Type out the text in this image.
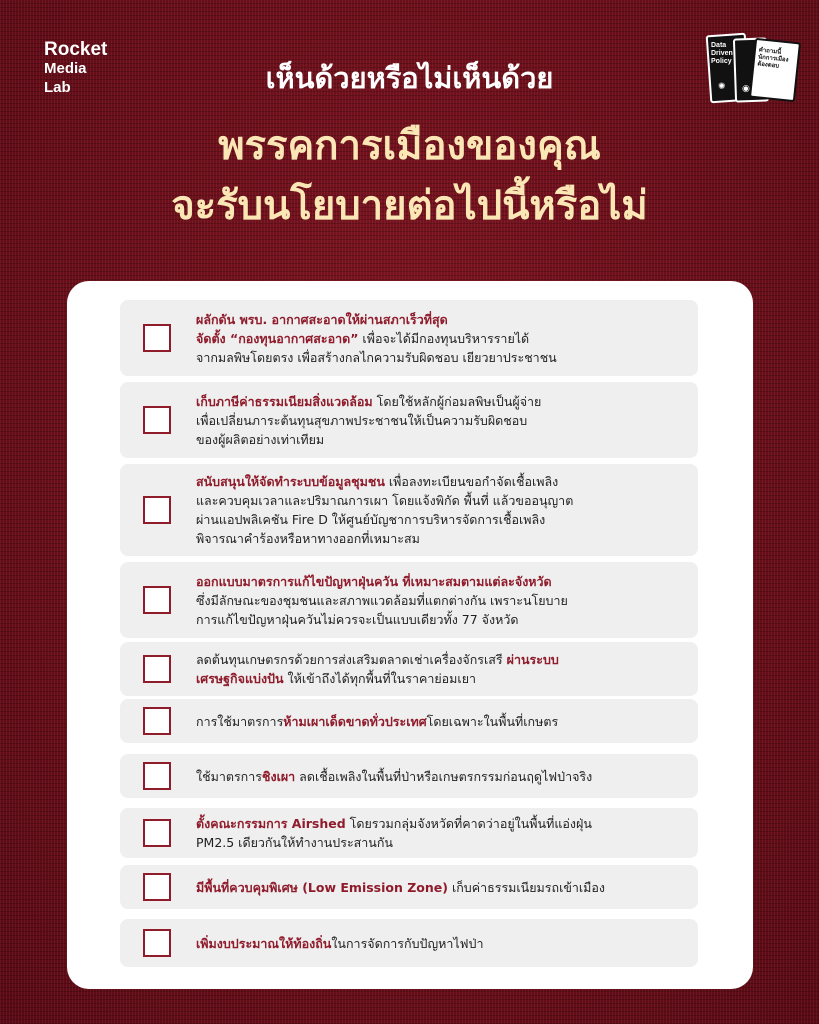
Rocket
Media
Lab
Data
Driven
Policy
คำถามนี้
นักการเมือง
ต้องตอบ
✺ ◉
เห็นด้วยหรือไม่เห็นด้วย
พรรคการเมืองของคุณ
จะรับนโยบายต่อไปนี้หรือไม่
ผลักดัน พรบ. อากาศสะอาดให้ผ่านสภาเร็วที่สุด
จัดตั้ง “กองทุนอากาศสะอาด” เพื่อจะได้มีกองทุนบริหารรายได้
จากมลพิษโดยตรง เพื่อสร้างกลไกความรับผิดชอบ เยียวยาประชาชน
เก็บภาษีค่าธรรมเนียมสิ่งแวดล้อม โดยใช้หลักผู้ก่อมลพิษเป็นผู้จ่าย
เพื่อเปลี่ยนภาระต้นทุนสุขภาพประชาชนให้เป็นความรับผิดชอบ
ของผู้ผลิตอย่างเท่าเทียม
สนับสนุนให้จัดทำระบบข้อมูลชุมชน เพื่อลงทะเบียนขอกำจัดเชื้อเพลิง
และควบคุมเวลาและปริมาณการเผา โดยแจ้งพิกัด พื้นที่ แล้วขออนุญาต
ผ่านแอปพลิเคชัน Fire D ให้ศูนย์บัญชาการบริหารจัดการเชื้อเพลิง
พิจารณาคำร้องหรือหาทางออกที่เหมาะสม
ออกแบบมาตรการแก้ไขปัญหาฝุ่นควัน ที่เหมาะสมตามแต่ละจังหวัด
ซึ่งมีลักษณะของชุมชนและสภาพแวดล้อมที่แตกต่างกัน เพราะนโยบาย
การแก้ไขปัญหาฝุ่นควันไม่ควรจะเป็นแบบเดียวทั้ง 77 จังหวัด
ลดต้นทุนเกษตรกรด้วยการส่งเสริมตลาดเช่าเครื่องจักรเสรี ผ่านระบบ
เศรษฐกิจแบ่งปัน ให้เข้าถึงได้ทุกพื้นที่ในราคาย่อมเยา
การใช้มาตรการห้ามเผาเด็ดขาดทั่วประเทศโดยเฉพาะในพื้นที่เกษตร
ใช้มาตรการชิงเผา ลดเชื้อเพลิงในพื้นที่ป่าหรือเกษตรกรรมก่อนฤดูไฟป่าจริง
ตั้งคณะกรรมการ Airshed โดยรวมกลุ่มจังหวัดที่คาดว่าอยู่ในพื้นที่แอ่งฝุ่น
PM2.5 เดียวกันให้ทำงานประสานกัน
มีพื้นที่ควบคุมพิเศษ (Low Emission Zone) เก็บค่าธรรมเนียมรถเข้าเมือง
เพิ่มงบประมาณให้ท้องถิ่นในการจัดการกับปัญหาไฟป่า
